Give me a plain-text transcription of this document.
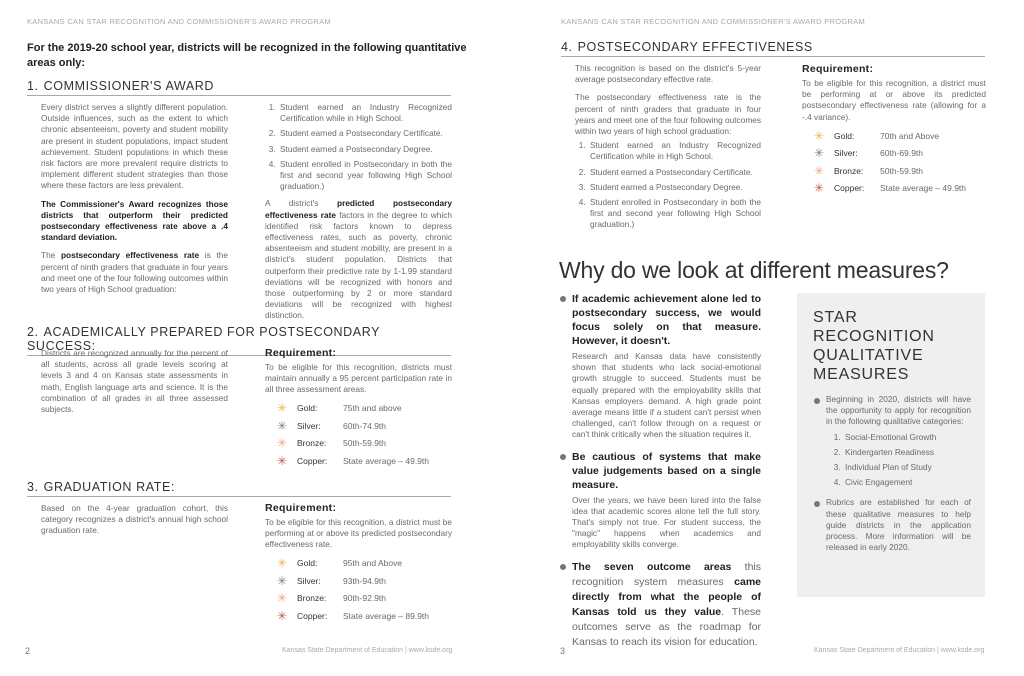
KANSANS CAN STAR RECOGNITION AND COMMISSIONER'S AWARD PROGRAM
For the 2019-20 school year, districts will be recognized in the following quantitative areas only:
1. COMMISSIONER'S AWARD

Every district serves a slightly different population. Outside influences, such as the extent to which chronic absenteeism, poverty and student mobility are present in student populations, impact student achievement. Student populations in which these risk factors are more prevalent require districts to implement different student strategies than those where these factors are less prevalent.

The Commissioner's Award recognizes those districts that outperform their predicted postsecondary effectiveness rate above a .4 standard deviation.

The postsecondary effectiveness rate is the percent of ninth graders that graduate in four years and meet one of the four following outcomes within two years of High School graduation:

1. Student earned an Industry Recognized Certification while in High School.
2. Student earned a Postsecondary Certificate.
3. Student earned a Postsecondary Degree.
4. Student enrolled in Postsecondary in both the first and second year following High School graduation.)

A district's predicted postsecondary effectiveness rate factors in the degree to which identified risk factors known to depress effectiveness rates, such as poverty, chronic absenteeism and student mobility, are present in a district's student population. Districts that outperform their predictive rate by 1-1.99 standard deviations will be recognized with honors and those outperforming by 2 or more standard deviations will be recognized with highest distinction.

2. ACADEMICALLY PREPARED FOR POSTSECONDARY SUCCESS:
Districts are recognized annually for the percent of all students, across all grade levels scoring at levels 3 and 4 on Kansas state assessments in math, English language arts and science. It is the combination of all grades in all three assessed subjects.
Requirement:
To be eligible for this recognition, districts must maintain annually a 95 percent participation rate in all three assessment areas.
✳	Gold:	75th and above
✳	Silver:	60th-74.9th
✳	Bronze:	50th-59.9th
✳	Copper:	State average – 49.9th
3. GRADUATION RATE:
Based on the 4-year graduation cohort, this category recognizes a district's annual high school graduation rate.
Requirement:
To be eligible for this recognition, a district must be performing at or above its predicted postsecondary effectiveness rate.
✳	Gold:	95th and Above
✳	Silver:	93th-94.9th
✳	Bronze:	90th-92.9th
✳	Copper:	State average – 89.9th
2	Kansas State Department of Education | www.ksde.org
KANSANS CAN STAR RECOGNITION AND COMMISSIONER'S AWARD PROGRAM
4. POSTSECONDARY EFFECTIVENESS

This recognition is based on the district's 5-year average postsecondary effective rate.

The postsecondary effectiveness rate is the percent of ninth graders that graduate in four years and meet one of the four following outcomes within two years of high school graduation:

1. Student earned an Industry Recognized Certification while in High School.
2. Student earned a Postsecondary Certificate.
3. Student earned a Postsecondary Degree.
4. Student enrolled in Postsecondary in both the first and second year following High School graduation.)
Requirement:
To be eligible for this recognition, a district must be performing at or above its predicted postsecondary effectiveness rate (allowing for a -.4 variance).
✳	Gold:	70th and Above
✳	Silver:	60th-69.9th
✳	Bronze:	50th-59.9th
✳	Copper:	State average – 49.9th
Why do we look at different measures?
If academic achievement alone led to postsecondary success, we would focus solely on that measure. However, it doesn't.
Research and Kansas data have consistently shown that students who lack social-emotional growth struggle to succeed. Students must be equally prepared with the employability skills that Kansas employers demand. A high grade point average means little if a student can't persist when challenged, can't follow through on a request or can't think critically when the situation requires it.
Be cautious of systems that make value judgements based on a single measure.
Over the years, we have been lured into the false idea that academic scores alone tell the full story. That's simply not true. For student success, the "magic" happens when academics and employability skills converge.
The seven outcome areas this recognition system measures came directly from what the people of Kansas told us they value. These outcomes serve as the roadmap for Kansas to reach its vision for education.
STAR
RECOGNITION
QUALITATIVE
MEASURES
Beginning in 2020, districts will have the opportunity to apply for recognition in the following qualitative categories:
1. Social-Emotional Growth
2. Kindergarten Readiness
3. Individual Plan of Study
4. Civic Engagement
Rubrics are established for each of these qualitative measures to help guide districts in the application process. More information will be released in early 2020.
3	Kansas State Department of Education | www.ksde.org
